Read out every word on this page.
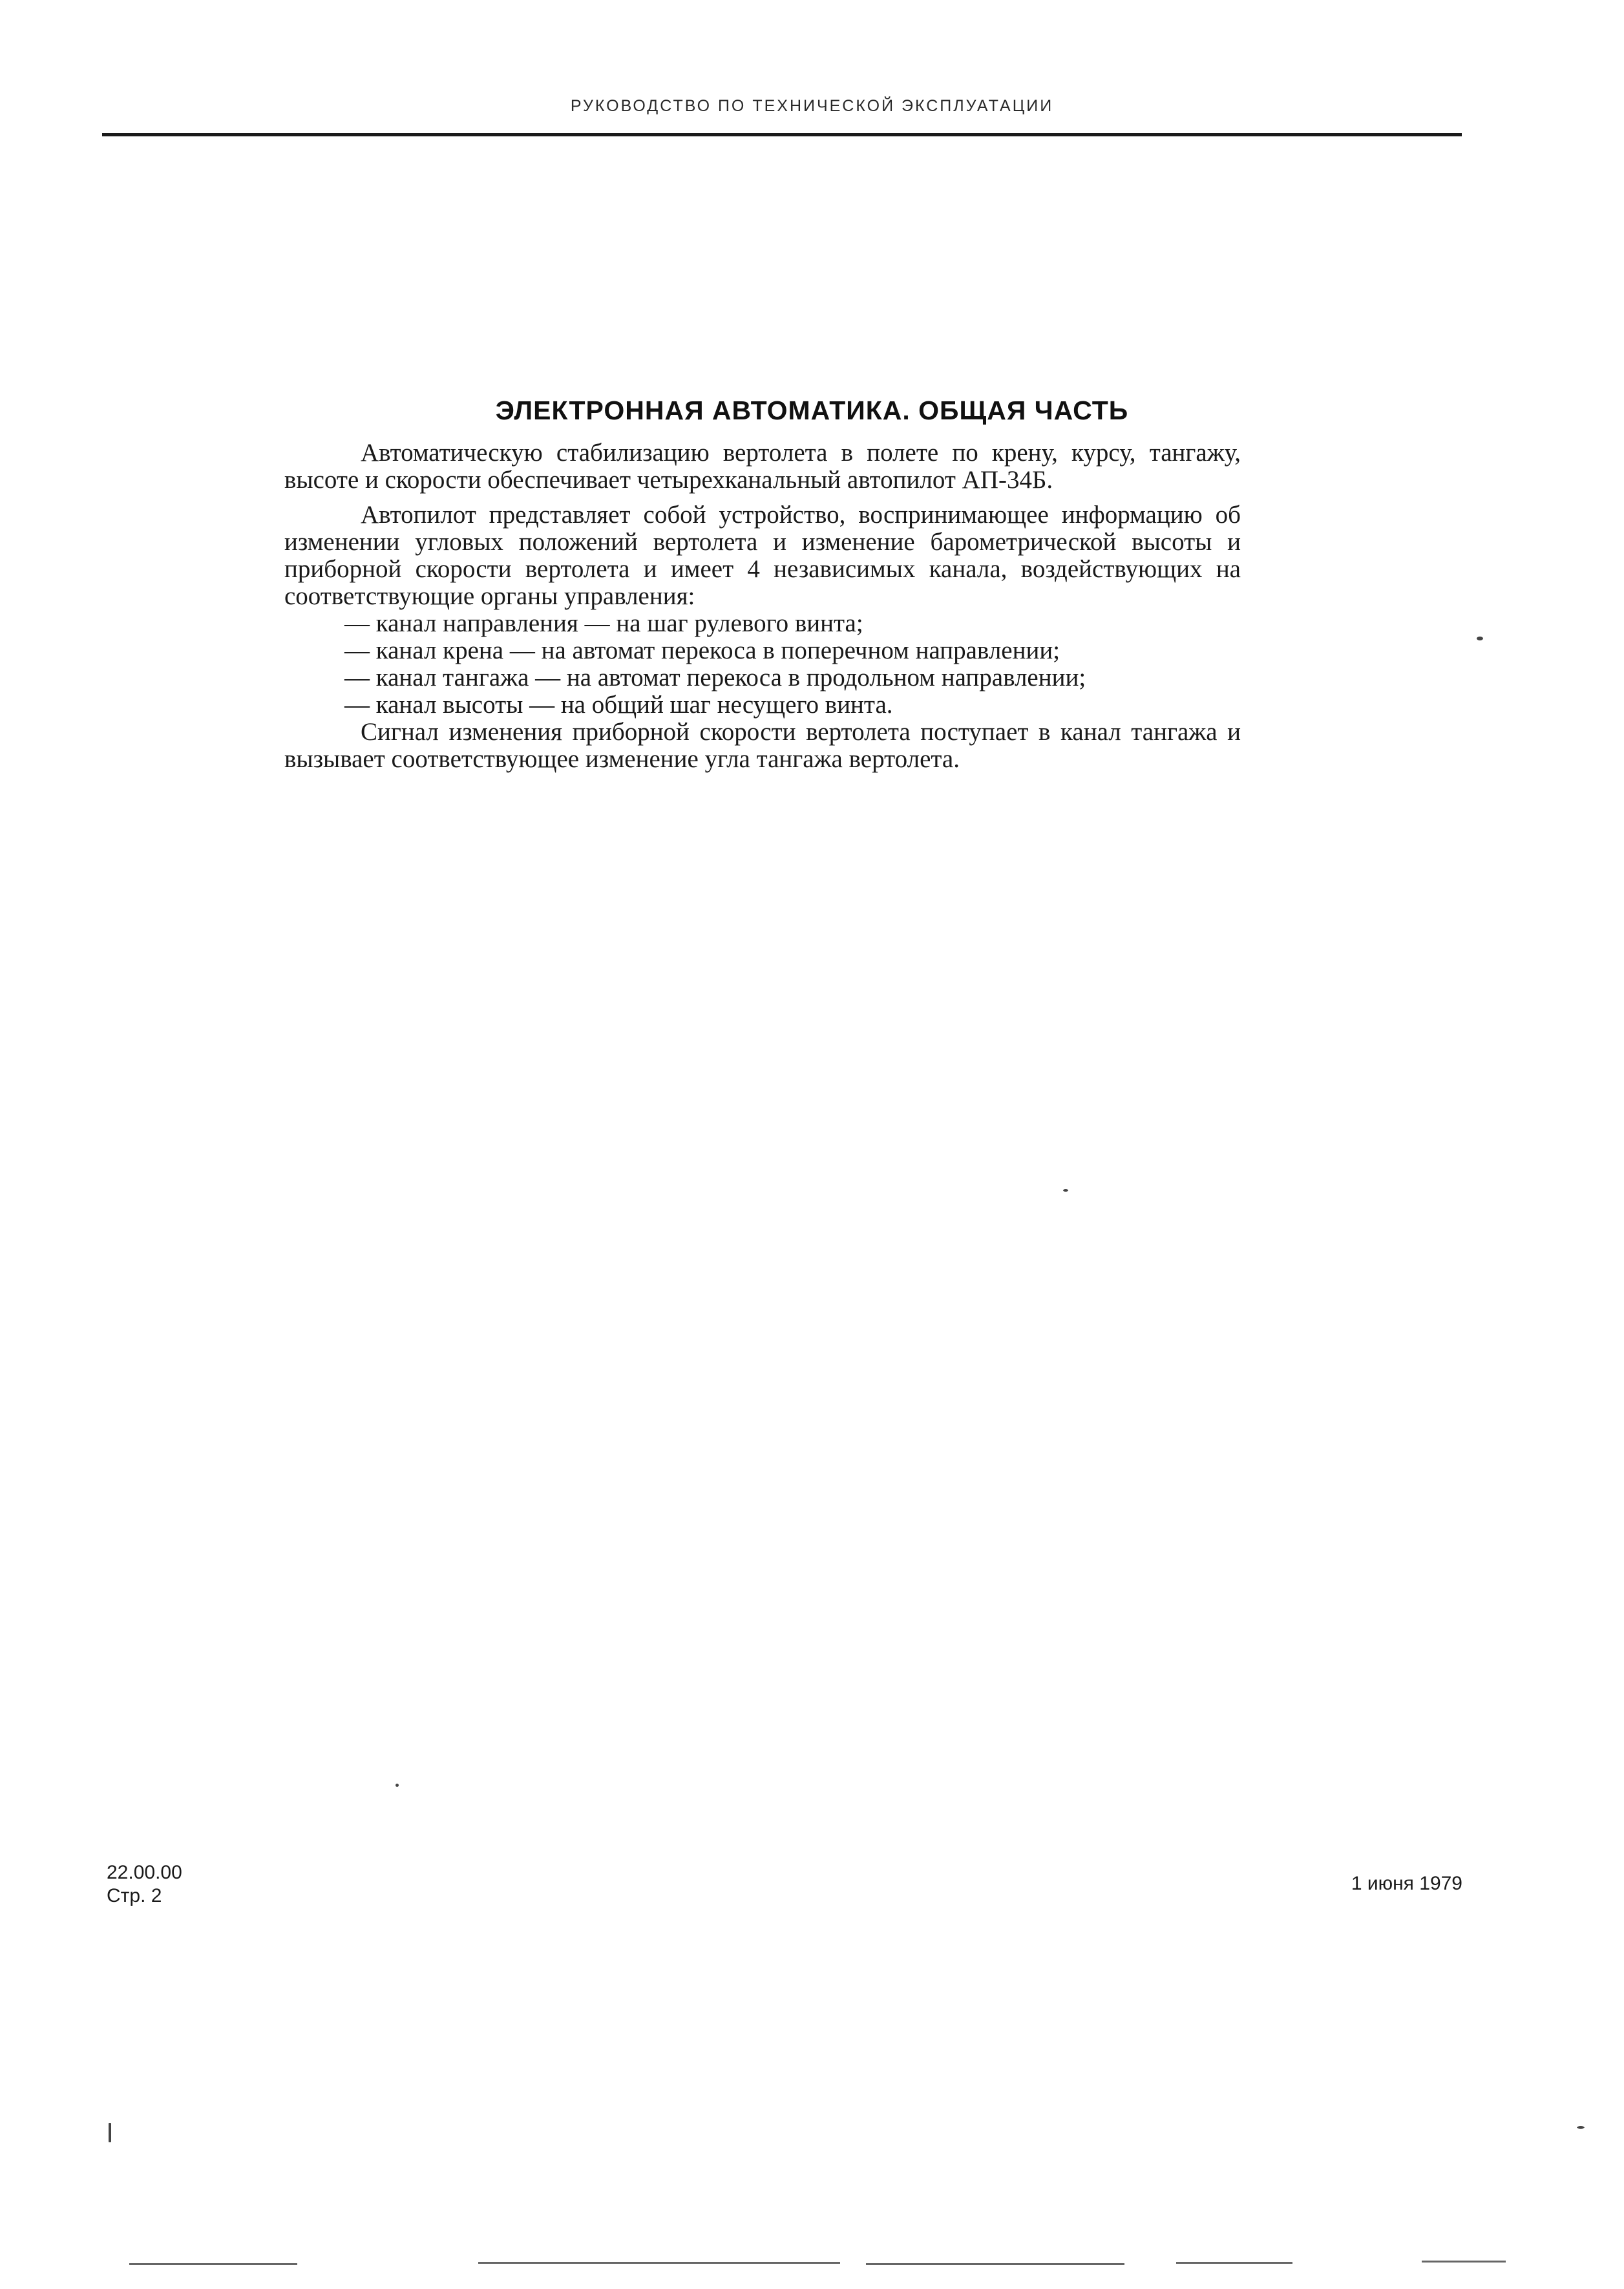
РУКОВОДСТВО ПО ТЕХНИЧЕСКОЙ ЭКСПЛУАТАЦИИ
ЭЛЕКТРОННАЯ АВТОМАТИКА. ОБЩАЯ ЧАСТЬ

Автоматическую стабилизацию вертолета в полете по крену, курсу, тангажу, высоте и скорости обеспечивает четырехканальный автопилот АП-34Б.

Автопилот представляет собой устройство, воспринимающее информацию об изменении угловых положений вертолета и изменение барометрической высоты и приборной скорости вертолета и имеет 4 независимых канала, воздействующих на соответствующие органы управления:

— канал направления — на шаг рулевого винта;
— канал крена — на автомат перекоса в поперечном направлении;
— канал тангажа — на автомат перекоса в продольном направлении;
— канал высоты — на общий шаг несущего винта.

Сигнал изменения приборной скорости вертолета поступает в канал тангажа и вызывает соответствующее изменение угла тангажа вертолета.

22.00.00
Стр. 2
1 июня 1979
